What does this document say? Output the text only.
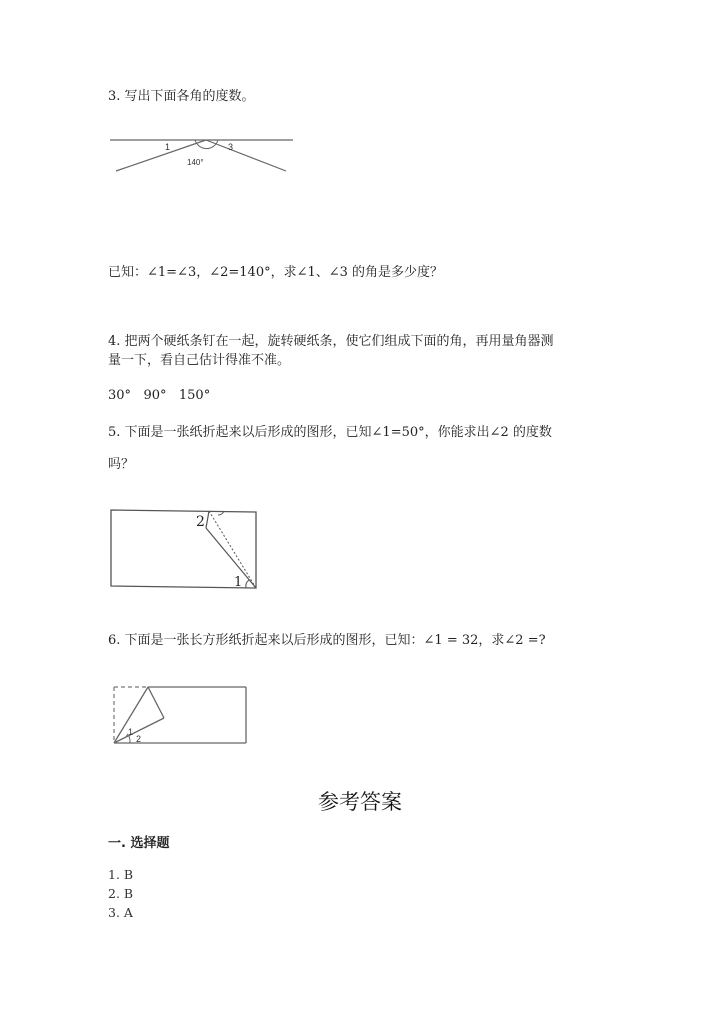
3. 写出下面各角的度数。
1	3
140°
已知：∠1=∠3，∠2=140°，求∠1、∠3 的角是多少度？
4. 把两个硬纸条钉在一起，旋转硬纸条，使它们组成下面的角，再用量角器测
量一下，看自己估计得准不准。
30°   90°   150°
5. 下面是一张纸折起来以后形成的图形，已知∠1=50°，你能求出∠2 的度数
吗？
2
1
6. 下面是一张长方形纸折起来以后形成的图形，已知：∠1 = 32，求∠2 =?
1
2
参考答案
一. 选择题
1. B
2. B
3. A
